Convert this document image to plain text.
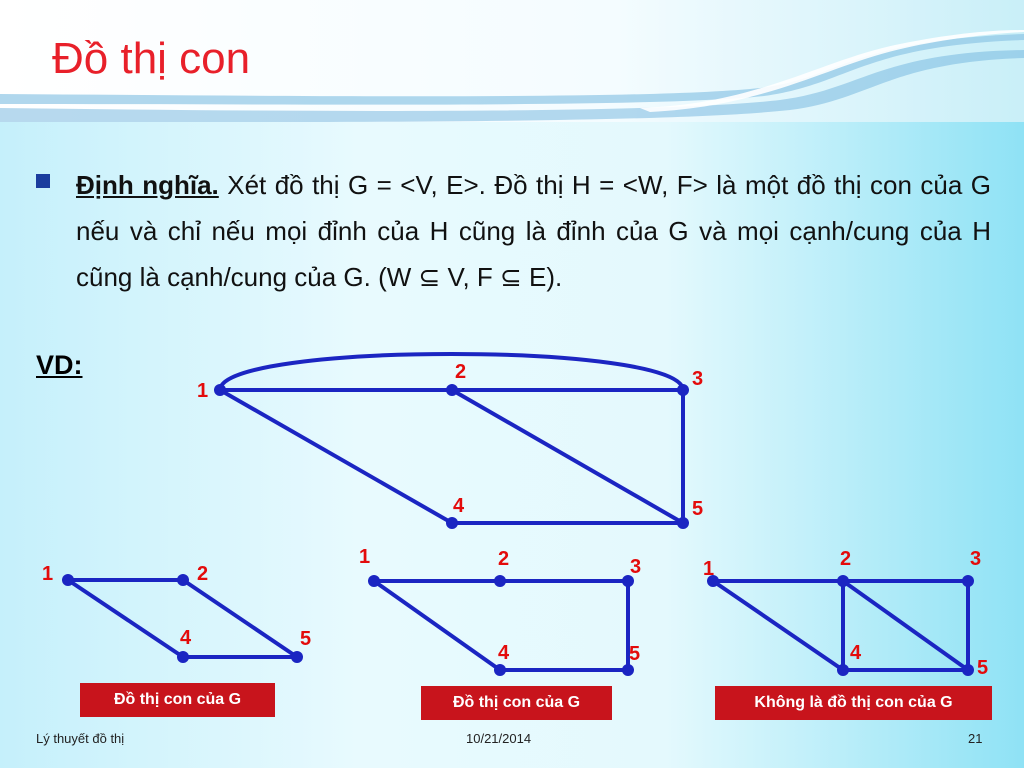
Đồ thị con

Định nghĩa. Xét đồ thị G = <V, E>. Đồ thị H = <W, F> là một đồ thị con của G nếu và chỉ nếu mọi đỉnh của H cũng là đỉnh của G và mọi cạnh/cung của H cũng là cạnh/cung của G. (W ⊆ V, F ⊆ E).

VD:
1
2	3
4	5
1	2
4	5
1	2	3
4	5
1	2	3
4
5
Đồ thị con của G	Đồ thị con của G	Không là đồ thị con của G
Lý thuyết đồ thị	10/21/2014	21
